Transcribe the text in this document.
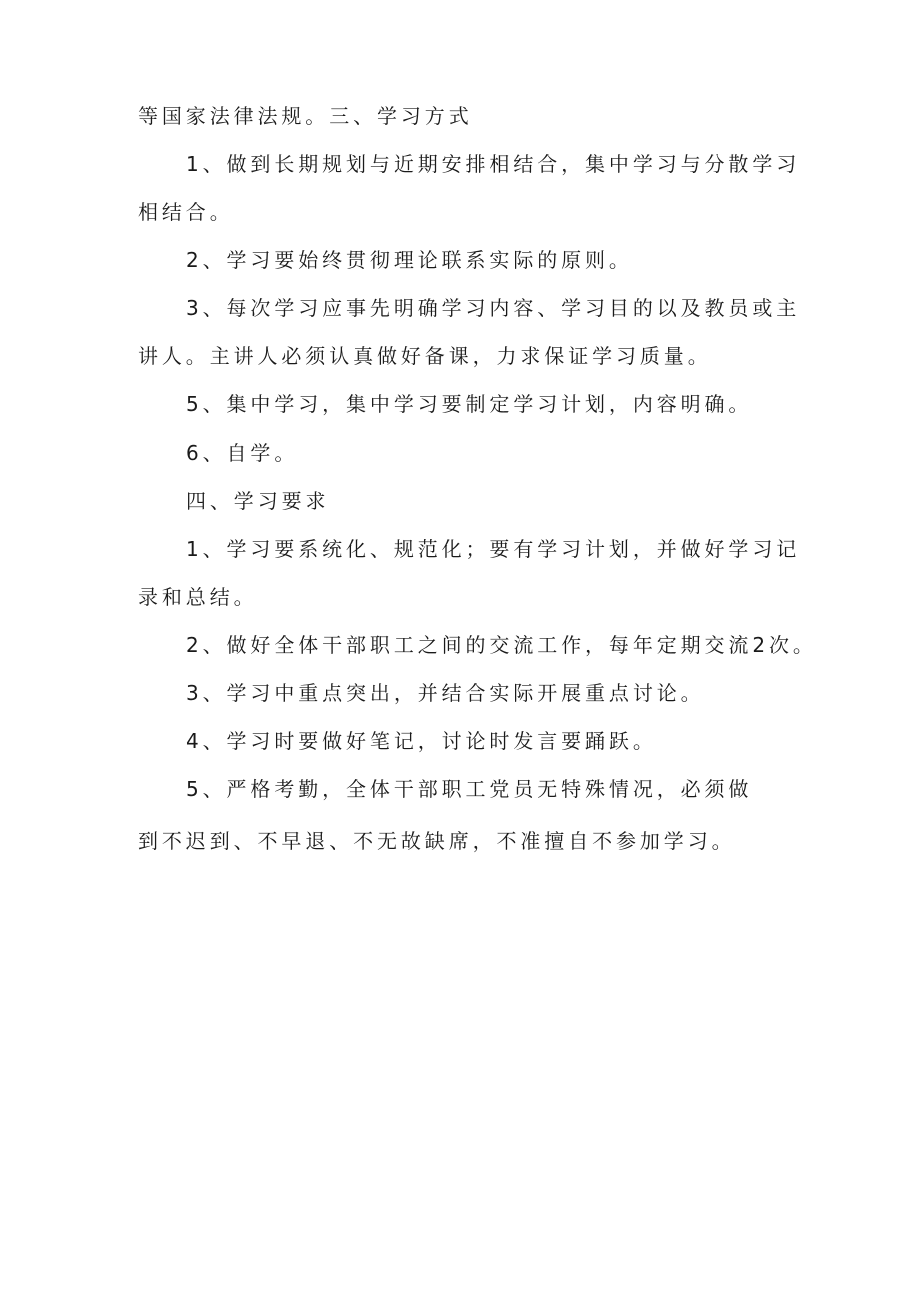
等国家法律法规。三、学习方式
1、做到长期规划与近期安排相结合，集中学习与分散学习
相结合。
2、学习要始终贯彻理论联系实际的原则。
3、每次学习应事先明确学习内容、学习目的以及教员或主
讲人。主讲人必须认真做好备课，力求保证学习质量。
5、集中学习，集中学习要制定学习计划，内容明确。
6、自学。
四、学习要求
1、学习要系统化、规范化；要有学习计划，并做好学习记
录和总结。
2、做好全体干部职工之间的交流工作，每年定期交流2次。
3、学习中重点突出，并结合实际开展重点讨论。
4、学习时要做好笔记，讨论时发言要踊跃。
5、严格考勤，全体干部职工党员无特殊情况，必须做
到不迟到、不早退、不无故缺席，不准擅自不参加学习。
